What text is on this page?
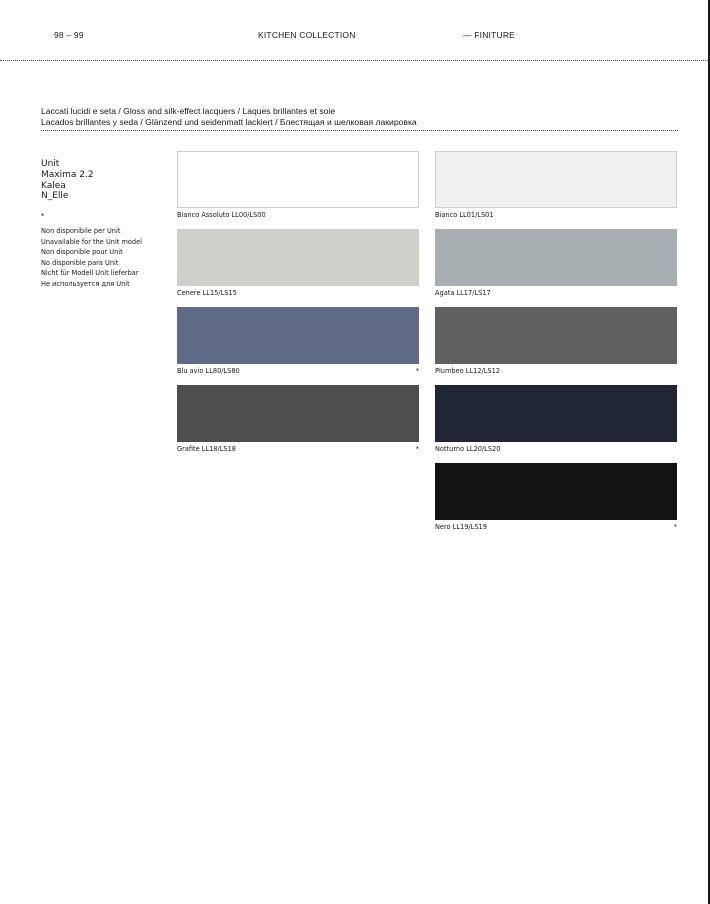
98 – 99	KITCHEN COLLECTION	— FINITURE
Laccati lucidi e seta / Gloss and silk-effect lacquers / Laques brillantes et soie
Lacados brillantes y seda / Glänzend und seidenmatt lackiert / Блестящая и шелковая лакировка
Unit
Maxima 2.2
Kalea
N_Elle
*
Non disponibile per Unit
Unavailable for the Unit model
Non disponible pour Unit
No disponible para Unit
Nicht für Modell Unit lieferbar
Не используется для Unit
Bianco Assoluto LL00/LS00	Bianco LL01/LS01
Cenere LL15/LS15	Agata LL17/LS17
Blu avio LL80/LS80	* Plumbeo LL12/LS12
Grafite LL18/LS18	* Notturno LL20/LS20
Nero LL19/LS19	*
